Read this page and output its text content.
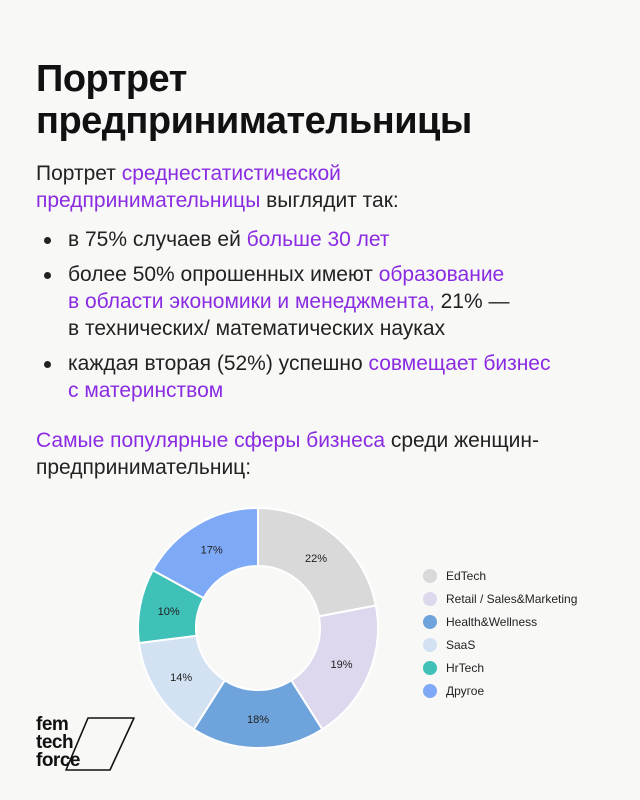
Портрет
предпринимательницы
Портрет среднестатистической
предпринимательницы выглядит так:
в 75% случаев ей больше 30 лет
более 50% опрошенных имеют образование
в области экономики и менеджмента, 21% —
в технических/ математических науках
каждая вторая (52%) успешно совмещает бизнес
с материнством
Самые популярные сферы бизнеса среди женщин-
предпринимательниц:
22%
19%
18%
14%
10%
17%
EdTech
Retail / Sales&Marketing
Health&Wellness
SaaS
HrTech
Другое
fem
tech
force
